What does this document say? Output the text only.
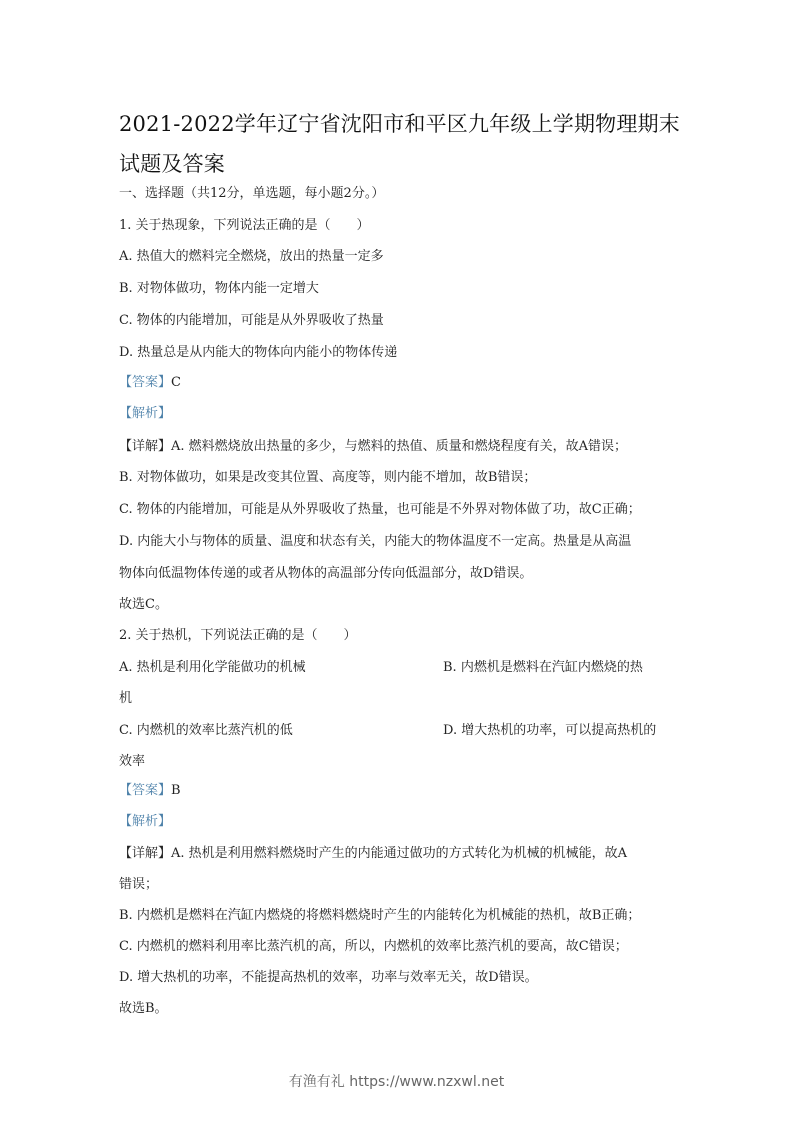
2021-2022学年辽宁省沈阳市和平区九年级上学期物理期末
试题及答案
一、选择题（共12分，单选题，每小题2分。）
1. 关于热现象，下列说法正确的是（　　）
A. 热值大的燃料完全燃烧，放出的热量一定多
B. 对物体做功，物体内能一定增大
C. 物体的内能增加，可能是从外界吸收了热量
D. 热量总是从内能大的物体向内能小的物体传递
【答案】C
【解析】
【详解】A. 燃料燃烧放出热量的多少，与燃料的热值、质量和燃烧程度有关，故A错误；
B. 对物体做功，如果是改变其位置、高度等，则内能不增加，故B错误；
C. 物体的内能增加，可能是从外界吸收了热量，也可能是不外界对物体做了功，故C正确；
D. 内能大小与物体的质量、温度和状态有关，内能大的物体温度不一定高。热量是从高温
物体向低温物体传递的或者从物体的高温部分传向低温部分，故D错误。
故选C。
2. 关于热机，下列说法正确的是（　　）
A. 热机是利用化学能做功的机械	B. 内燃机是燃料在汽缸内燃烧的热
机
C. 内燃机的效率比蒸汽机的低	D. 增大热机的功率，可以提高热机的
效率
【答案】B
【解析】
【详解】A. 热机是利用燃料燃烧时产生的内能通过做功的方式转化为机械的机械能，故A
错误；
B. 内燃机是燃料在汽缸内燃烧的将燃料燃烧时产生的内能转化为机械能的热机，故B正确；
C. 内燃机的燃料利用率比蒸汽机的高，所以，内燃机的效率比蒸汽机的要高，故C错误；
D. 增大热机的功率，不能提高热机的效率，功率与效率无关，故D错误。
故选B。
有渔有礼 https://www.nzxwl.net
